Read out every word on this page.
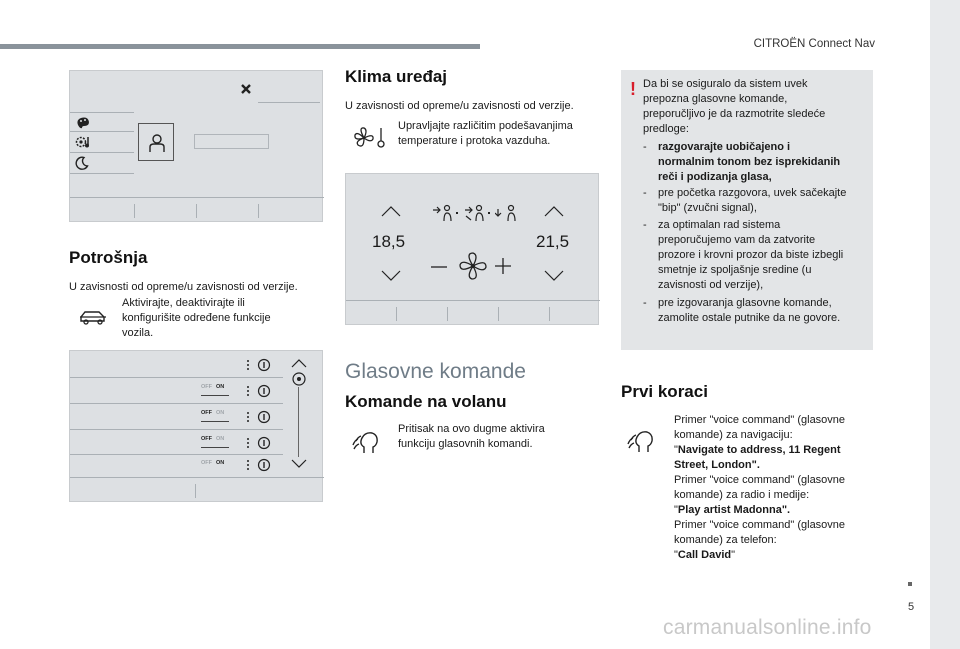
CITROËN Connect Nav
5
carmanualsonline.info
Potrošnja
U zavisnosti od opreme/u zavisnosti od verzije.
Aktivirajte, deaktivirajte ili
konfigurišite određene funkcije
vozila.
OFF ON
OFF ON
OFF ON
OFF ON
Klima uređaj
U zavisnosti od opreme/u zavisnosti od verzije.
Upravljajte različitim podešavanjima
temperature i protoka vazduha.
18,5	21,5
Glasovne komande
Komande na volanu
Pritisak na ovo dugme aktivira
funkciju glasovnih komandi.
! Da bi se osiguralo da sistem uvek
prepozna glasovne komande,
preporučljivo je da razmotrite sledeće
predloge:
- razgovarajte uobičajeno i
normalnim tonom bez isprekidanih
reči i podizanja glasa,
- pre početka razgovora, uvek sačekajte
"bip" (zvučni signal),
- za optimalan rad sistema
preporučujemo vam da zatvorite
prozore i krovni prozor da biste izbegli
smetnje iz spoljašnje sredine (u
zavisnosti od verzije),
- pre izgovaranja glasovne komande,
zamolite ostale putnike da ne govore.
Prvi koraci
Primer "voice command" (glasovne
komande) za navigaciju:
"Navigate to address, 11 Regent
Street, London".
Primer "voice command" (glasovne
komande) za radio i medije:
"Play artist Madonna".
Primer "voice command" (glasovne
komande) za telefon:
"Call David"
